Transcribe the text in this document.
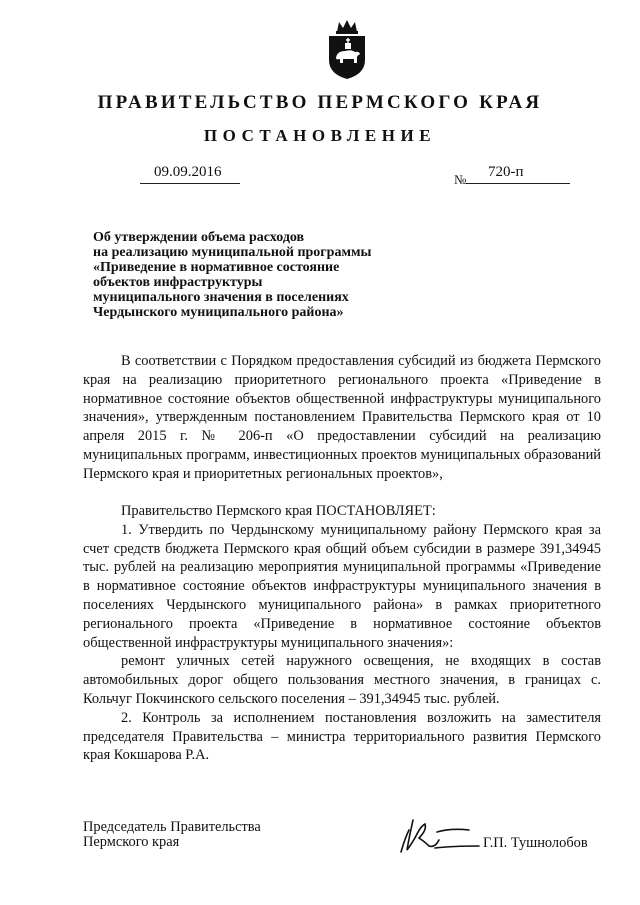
ПРАВИТЕЛЬСТВО ПЕРМСКОГО КРАЯ
ПОСТАНОВЛЕНИЕ
09.09.2016	720-п
№
Об утверждении объема расходов
на реализацию муниципальной программы
«Приведение в нормативное состояние
объектов инфраструктуры
муниципального значения в поселениях
Чердынского муниципального района»
В соответствии с Порядком предоставления субсидий из бюджета Пермского края на реализацию приоритетного регионального проекта «Приведение в нормативное состояние объектов общественной инфраструктуры муниципального значения», утвержденным постановлением Правительства Пермского края от 10 апреля 2015 г. № 206-п «О предоставлении субсидий на реализацию муниципальных программ, инвестиционных проектов муниципальных образований Пермского края и приоритетных региональных проектов»,
Правительство Пермского края ПОСТАНОВЛЯЕТ:
1. Утвердить по Чердынскому муниципальному району Пермского края за счет средств бюджета Пермского края общий объем субсидии в размере 391,34945 тыс. рублей на реализацию мероприятия муниципальной программы «Приведение в нормативное состояние объектов инфраструктуры муниципального значения в поселениях Чердынского муниципального района» в рамках приоритетного регионального проекта «Приведение в нормативное состояние объектов общественной инфраструктуры муниципального значения»:
ремонт уличных сетей наружного освещения, не входящих в состав автомобильных дорог общего пользования местного значения, в границах с. Кольчуг Покчинского сельского поселения – 391,34945 тыс. рублей.
2. Контроль за исполнением постановления возложить на заместителя председателя Правительства – министра территориального развития Пермского края Кокшарова Р.А.
Председатель Правительства
Пермского края	Г.П. Тушнолобов
